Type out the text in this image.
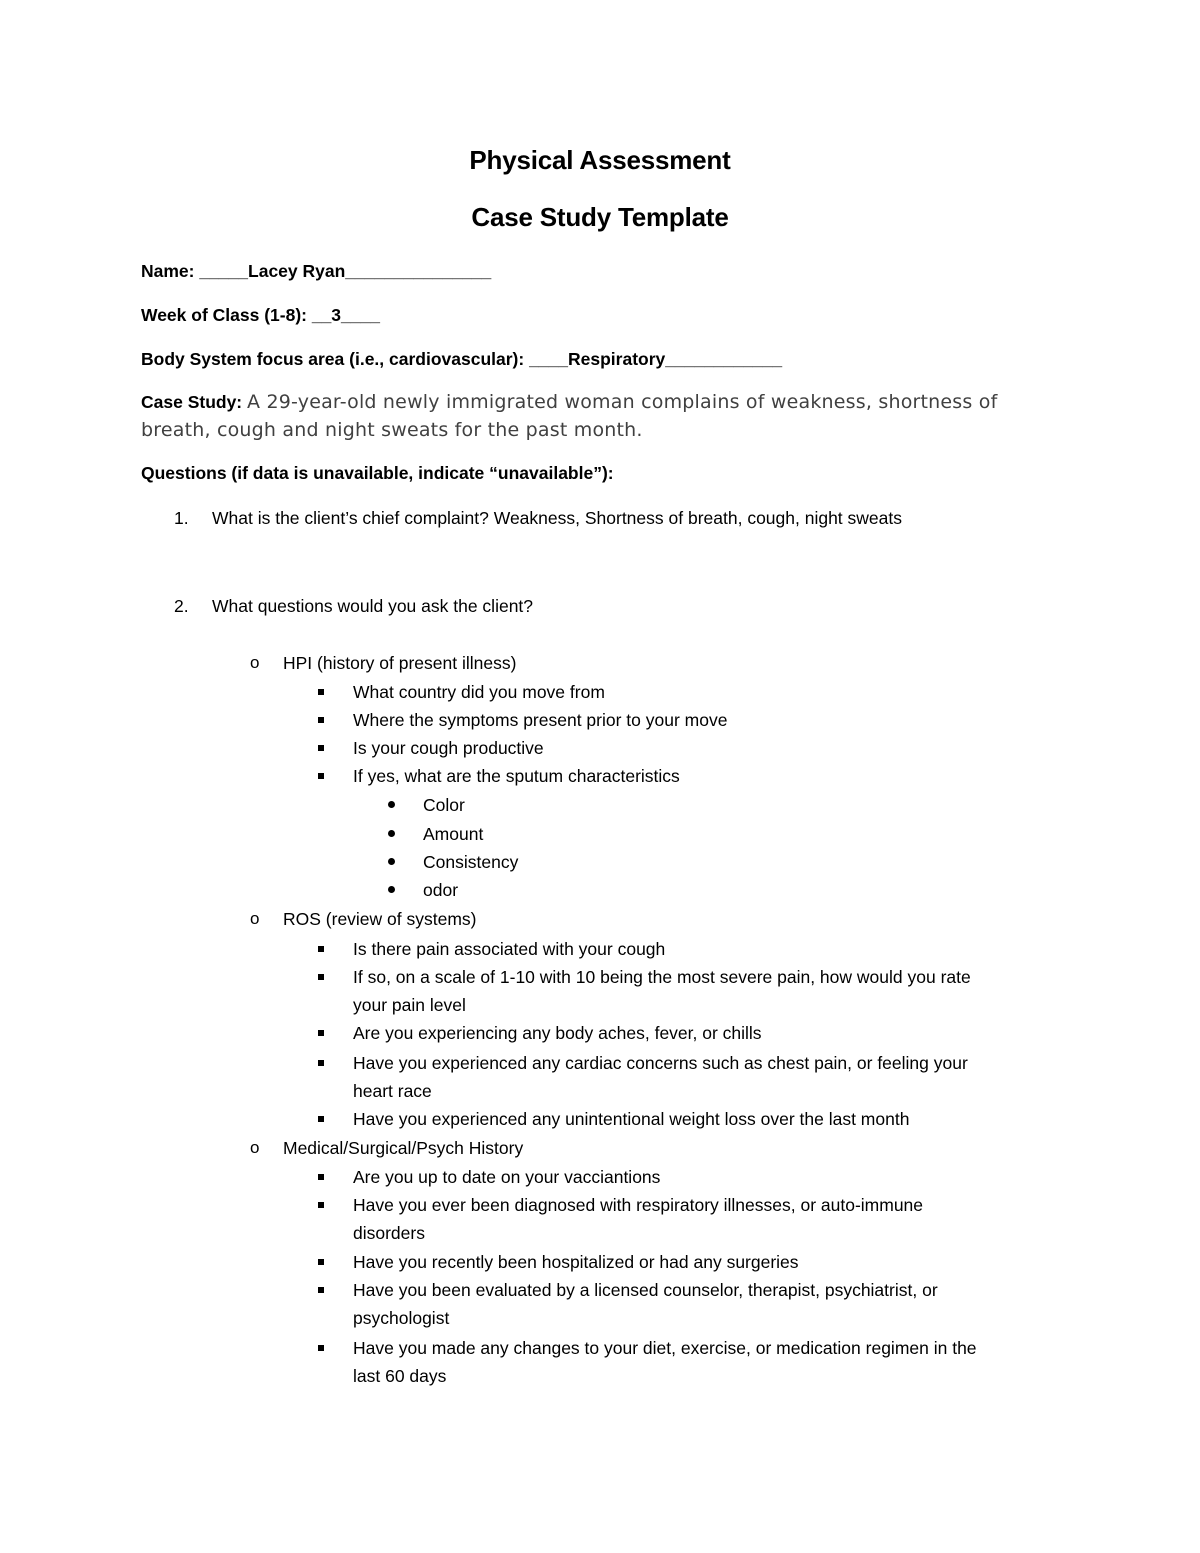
Physical Assessment
Case Study Template
Name: _____Lacey Ryan_______________
Week of Class (1-8): __3____
Body System focus area (i.e., cardiovascular): ____Respiratory____________
Case Study: A 29-year-old newly immigrated woman complains of weakness, shortness of breath, cough and night sweats for the past month.
Questions (if data is unavailable, indicate “unavailable”):
1. What is the client’s chief complaint? Weakness, Shortness of breath, cough, night sweats
2. What questions would you ask the client?
o HPI (history of present illness)
What country did you move from
Where the symptoms present prior to your move
Is your cough productive
If yes, what are the sputum characteristics
Color
Amount
Consistency
odor
o ROS (review of systems)
Is there pain associated with your cough
If so, on a scale of 1-10 with 10 being the most severe pain, how would you rate
your pain level
Are you experiencing any body aches, fever, or chills
Have you experienced any cardiac concerns such as chest pain, or feeling your
heart race
Have you experienced any unintentional weight loss over the last month
o Medical/Surgical/Psych History
Are you up to date on your vacciantions
Have you ever been diagnosed with respiratory illnesses, or auto-immune
disorders
Have you recently been hospitalized or had any surgeries
Have you been evaluated by a licensed counselor, therapist, psychiatrist, or
psychologist
Have you made any changes to your diet, exercise, or medication regimen in the
last 60 days
